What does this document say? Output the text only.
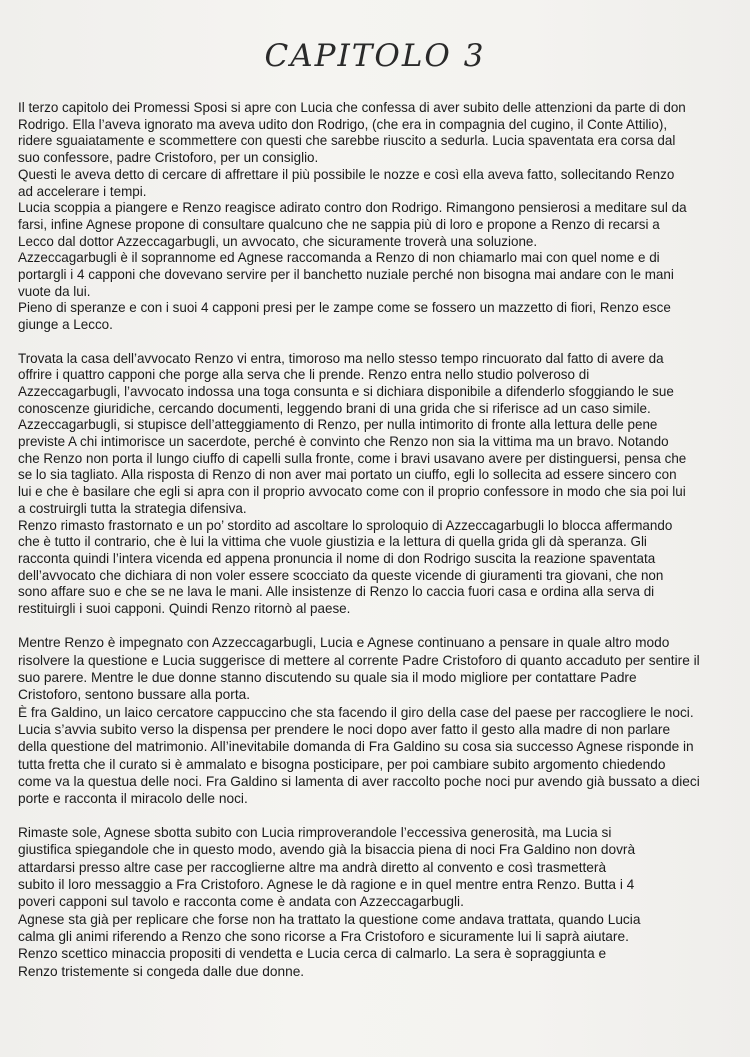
CAPITOLO 3
Il terzo capitolo dei Promessi Sposi si apre con Lucia che confessa di aver subito delle attenzioni da parte di don
Rodrigo. Ella l’aveva ignorato ma aveva udito don Rodrigo, (che era in compagnia del cugino, il Conte Attilio),
ridere sguaiatamente e scommettere con questi che sarebbe riuscito a sedurla. Lucia spaventata era corsa dal
suo confessore, padre Cristoforo, per un consiglio.
Questi le aveva detto di cercare di affrettare il più possibile le nozze e così ella aveva fatto, sollecitando Renzo
ad accelerare i tempi.
Lucia scoppia a piangere e Renzo reagisce adirato contro don Rodrigo. Rimangono pensierosi a meditare sul da
farsi, infine Agnese propone di consultare qualcuno che ne sappia più di loro e propone a Renzo di recarsi a
Lecco dal dottor Azzeccagarbugli, un avvocato, che sicuramente troverà una soluzione.
Azzeccagarbugli è il soprannome ed Agnese raccomanda a Renzo di non chiamarlo mai con quel nome e di
portargli i 4 capponi che dovevano servire per il banchetto nuziale perché non bisogna mai andare con le mani
vuote da lui.
Pieno di speranze e con i suoi 4 capponi presi per le zampe come se fossero un mazzetto di fiori, Renzo esce
giunge a Lecco.
Trovata la casa dell’avvocato Renzo vi entra, timoroso ma nello stesso tempo rincuorato dal fatto di avere da
offrire i quattro capponi che porge alla serva che li prende. Renzo entra nello studio polveroso di
Azzeccagarbugli, l’avvocato indossa una toga consunta e si dichiara disponibile a difenderlo sfoggiando le sue
conoscenze giuridiche, cercando documenti, leggendo brani di una grida che si riferisce ad un caso simile.
Azzeccagarbugli, si stupisce dell’atteggiamento di Renzo, per nulla intimorito di fronte alla lettura delle pene
previste A chi intimorisce un sacerdote, perché è convinto che Renzo non sia la vittima ma un bravo. Notando
che Renzo non porta il lungo ciuffo di capelli sulla fronte, come i bravi usavano avere per distinguersi, pensa che
se lo sia tagliato. Alla risposta di Renzo di non aver mai portato un ciuffo, egli lo sollecita ad essere sincero con
lui e che è basilare che egli si apra con il proprio avvocato come con il proprio confessore in modo che sia poi lui
a costruirgli tutta la strategia difensiva.
Renzo rimasto frastornato e un po’ stordito ad ascoltare lo sproloquio di Azzeccagarbugli lo blocca affermando
che è tutto il contrario, che è lui la vittima che vuole giustizia e la lettura di quella grida gli dà speranza. Gli
racconta quindi l’intera vicenda ed appena pronuncia il nome di don Rodrigo suscita la reazione spaventata
dell’avvocato che dichiara di non voler essere scocciato da queste vicende di giuramenti tra giovani, che non
sono affare suo e che se ne lava le mani. Alle insistenze di Renzo lo caccia fuori casa e ordina alla serva di
restituirgli i suoi capponi. Quindi Renzo ritornò al paese.
Mentre Renzo è impegnato con Azzeccagarbugli, Lucia e Agnese continuano a pensare in quale altro modo
risolvere la questione e Lucia suggerisce di mettere al corrente Padre Cristoforo di quanto accaduto per sentire il
suo parere. Mentre le due donne stanno discutendo su quale sia il modo migliore per contattare Padre
Cristoforo, sentono bussare alla porta.
È fra Galdino, un laico cercatore cappuccino che sta facendo il giro della case del paese per raccogliere le noci.
Lucia s’avvia subito verso la dispensa per prendere le noci dopo aver fatto il gesto alla madre di non parlare
della questione del matrimonio. All’inevitabile domanda di Fra Galdino su cosa sia successo Agnese risponde in
tutta fretta che il curato si è ammalato e bisogna posticipare, per poi cambiare subito argomento chiedendo
come va la questua delle noci. Fra Galdino si lamenta di aver raccolto poche noci pur avendo già bussato a dieci
porte e racconta il miracolo delle noci.
Rimaste sole, Agnese sbotta subito con Lucia rimproverandole l’eccessiva generosità, ma Lucia si
giustifica spiegandole che in questo modo, avendo già la bisaccia piena di noci Fra Galdino non dovrà
attardarsi presso altre case per raccoglierne altre ma andrà diretto al convento e così trasmetterà
subito il loro messaggio a Fra Cristoforo. Agnese le dà ragione e in quel mentre entra Renzo. Butta i 4
poveri capponi sul tavolo e racconta come è andata con Azzeccagarbugli.
Agnese sta già per replicare che forse non ha trattato la questione come andava trattata, quando Lucia
calma gli animi riferendo a Renzo che sono ricorse a Fra Cristoforo e sicuramente lui li saprà aiutare.
Renzo scettico minaccia propositi di vendetta e Lucia cerca di calmarlo. La sera è sopraggiunta e
Renzo tristemente si congeda dalle due donne.
